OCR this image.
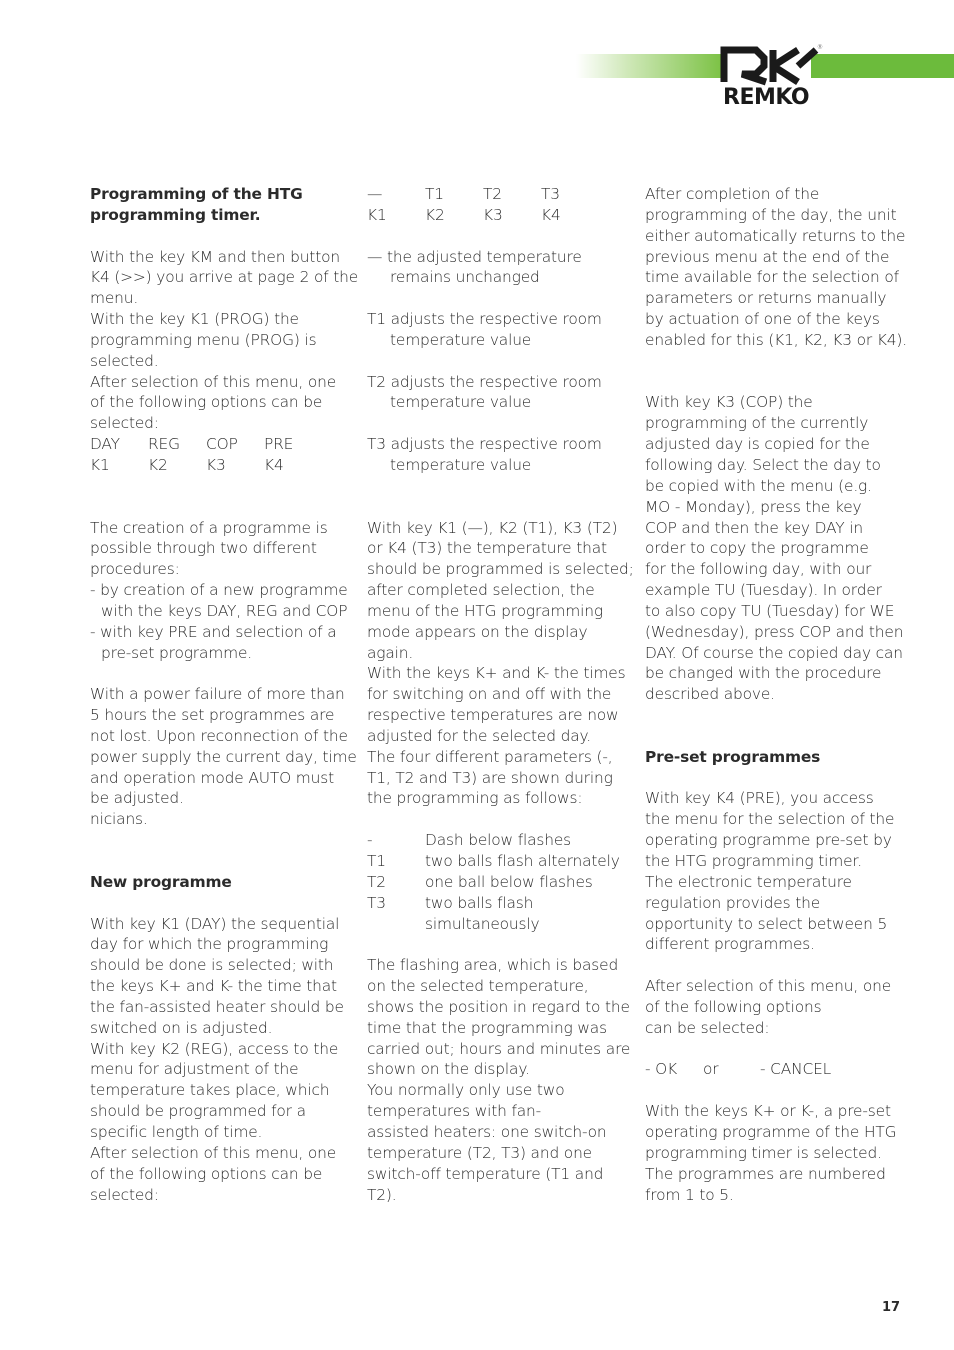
REMKO
®
Programming of the HTG
programming timer.
With the key KM and then button
K4 (>>) you arrive at page 2 of the
menu.
With the key K1 (PROG) the
programming menu (PROG) is
selected.
After selection of this menu, one
of the following options can be
selected:
DAY	REG	COP	PRE
K1	K2	K3	K4
The creation of a programme is
possible through two different
procedures:
- by creation of a new programme
with the keys DAY, REG and COP
- with key PRE and selection of a
pre-set programme.
With a power failure of more than
5 hours the set programmes are
not lost. Upon reconnection of the
power supply the current day, time
and operation mode AUTO must
be adjusted.
nicians.
New programme
With key K1 (DAY) the sequential
day for which the programming
should be done is selected; with
the keys K+ and K- the time that
the fan-assisted heater should be
switched on is adjusted.
With key K2 (REG), access to the
menu for adjustment of the
temperature takes place, which
should be programmed for a
specific length of time.
After selection of this menu, one
of the following options can be
selected:
—	T1	T2	T3
K1	K2	K3	K4
— the adjusted temperature
remains unchanged
T1 adjusts the respective room
temperature value
T2 adjusts the respective room
temperature value
T3 adjusts the respective room
temperature value
With key K1 (—), K2 (T1), K3 (T2)
or K4 (T3) the temperature that
should be programmed is selected;
after completed selection, the
menu of the HTG programming
mode appears on the display
again.
With the keys K+ and K- the times
for switching on and off with the
respective temperatures are now
adjusted for the selected day.
The four different parameters (-,
T1, T2 and T3) are shown during
the programming as follows:
-	Dash below flashes
T1	two balls flash alternately
T2	one ball below flashes
T3	two balls flash
simultaneously
The flashing area, which is based
on the selected temperature,
shows the position in regard to the
time that the programming was
carried out; hours and minutes are
shown on the display.
You normally only use two
temperatures with fan-
assisted heaters: one switch-on
temperature (T2, T3) and one
switch-off temperature (T1 and
T2).
After completion of the
programming of the day, the unit
either automatically returns to the
previous menu at the end of the
time available for the selection of
parameters or returns manually
by actuation of one of the keys
enabled for this (K1, K2, K3 or K4).
With key K3 (COP) the
programming of the currently
adjusted day is copied for the
following day. Select the day to
be copied with the menu (e.g.
MO - Monday), press the key
COP and then the key DAY in
order to copy the programme
for the following day, with our
example TU (Tuesday). In order
to also copy TU (Tuesday) for WE
(Wednesday), press COP and then
DAY. Of course the copied day can
be changed with the procedure
described above.
Pre-set programmes
With key K4 (PRE), you access
the menu for the selection of the
operating programme pre-set by
the HTG programming timer.
The electronic temperature
regulation provides the
opportunity to select between 5
different programmes.
After selection of this menu, one
of the following options
can be selected:
- OK	or	- CANCEL
With the keys K+ or K-, a pre-set
operating programme of the HTG
programming timer is selected.
The programmes are numbered
from 1 to 5.
17
